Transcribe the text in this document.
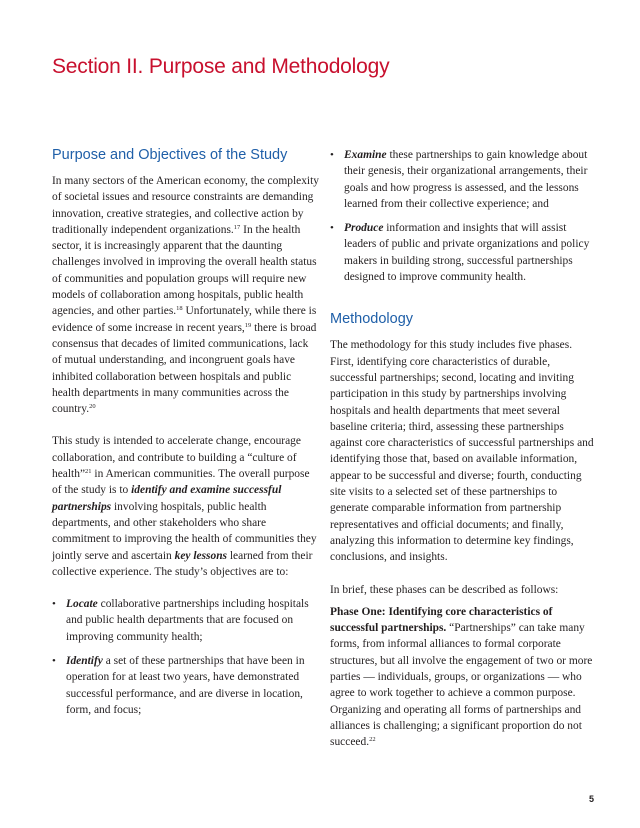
Section II. Purpose and Methodology
Purpose and Objectives of the Study

In many sectors of the American economy, the complexity of societal issues and resource constraints are demanding innovation, creative strategies, and collective action by traditionally independent organizations.$^{17}$ In the health sector, it is increasingly apparent that the daunting challenges involved in improving the overall health status of communities and population groups will require new models of collaboration among hospitals, public health agencies, and other parties.$^{18}$ Unfortunately, while there is evidence of some increase in recent years,$^{19}$ there is broad consensus that decades of limited communications, lack of mutual understanding, and incongruent goals have inhibited collaboration between hospitals and public health departments in many communities across the country.$^{20}$

This study is intended to accelerate change, encourage collaboration, and contribute to building a “culture of health”$^{21}$ in American communities. The overall purpose of the study is to identify and examine successful partnerships involving hospitals, public health departments, and other stakeholders who share commitment to improving the health of communities they jointly serve and ascertain key lessons learned from their collective experience. The study’s objectives are to:

• Locate collaborative partnerships including hospitals and public health departments that are focused on improving community health;
• Identify a set of these partnerships that have been in operation for at least two years, have demonstrated successful performance, and are diverse in location, form, and focus;
• Examine these partnerships to gain knowledge about their genesis, their organizational arrangements, their goals and how progress is assessed, and the lessons learned from their collective experience; and
• Produce information and insights that will assist leaders of public and private organizations and policy makers in building strong, successful partnerships designed to improve community health.
Methodology

The methodology for this study includes five phases. First, identifying core characteristics of durable, successful partnerships; second, locating and inviting participation in this study by partnerships involving hospitals and health departments that meet several baseline criteria; third, assessing these partnerships against core characteristics of successful partnerships and identifying those that, based on available information, appear to be successful and diverse; fourth, conducting site visits to a selected set of these partnerships to generate comparable information from partnership representatives and official documents; and finally, analyzing this information to determine key findings, conclusions, and insights.

In brief, these phases can be described as follows:

Phase One: Identifying core characteristics of successful partnerships. “Partnerships” can take many forms, from informal alliances to formal corporate structures, but all involve the engagement of two or more parties — individuals, groups, or organizations — who agree to work together to achieve a common purpose. Organizing and operating all forms of partnerships and alliances is challenging; a significant proportion do not succeed.$^{22}$

5
